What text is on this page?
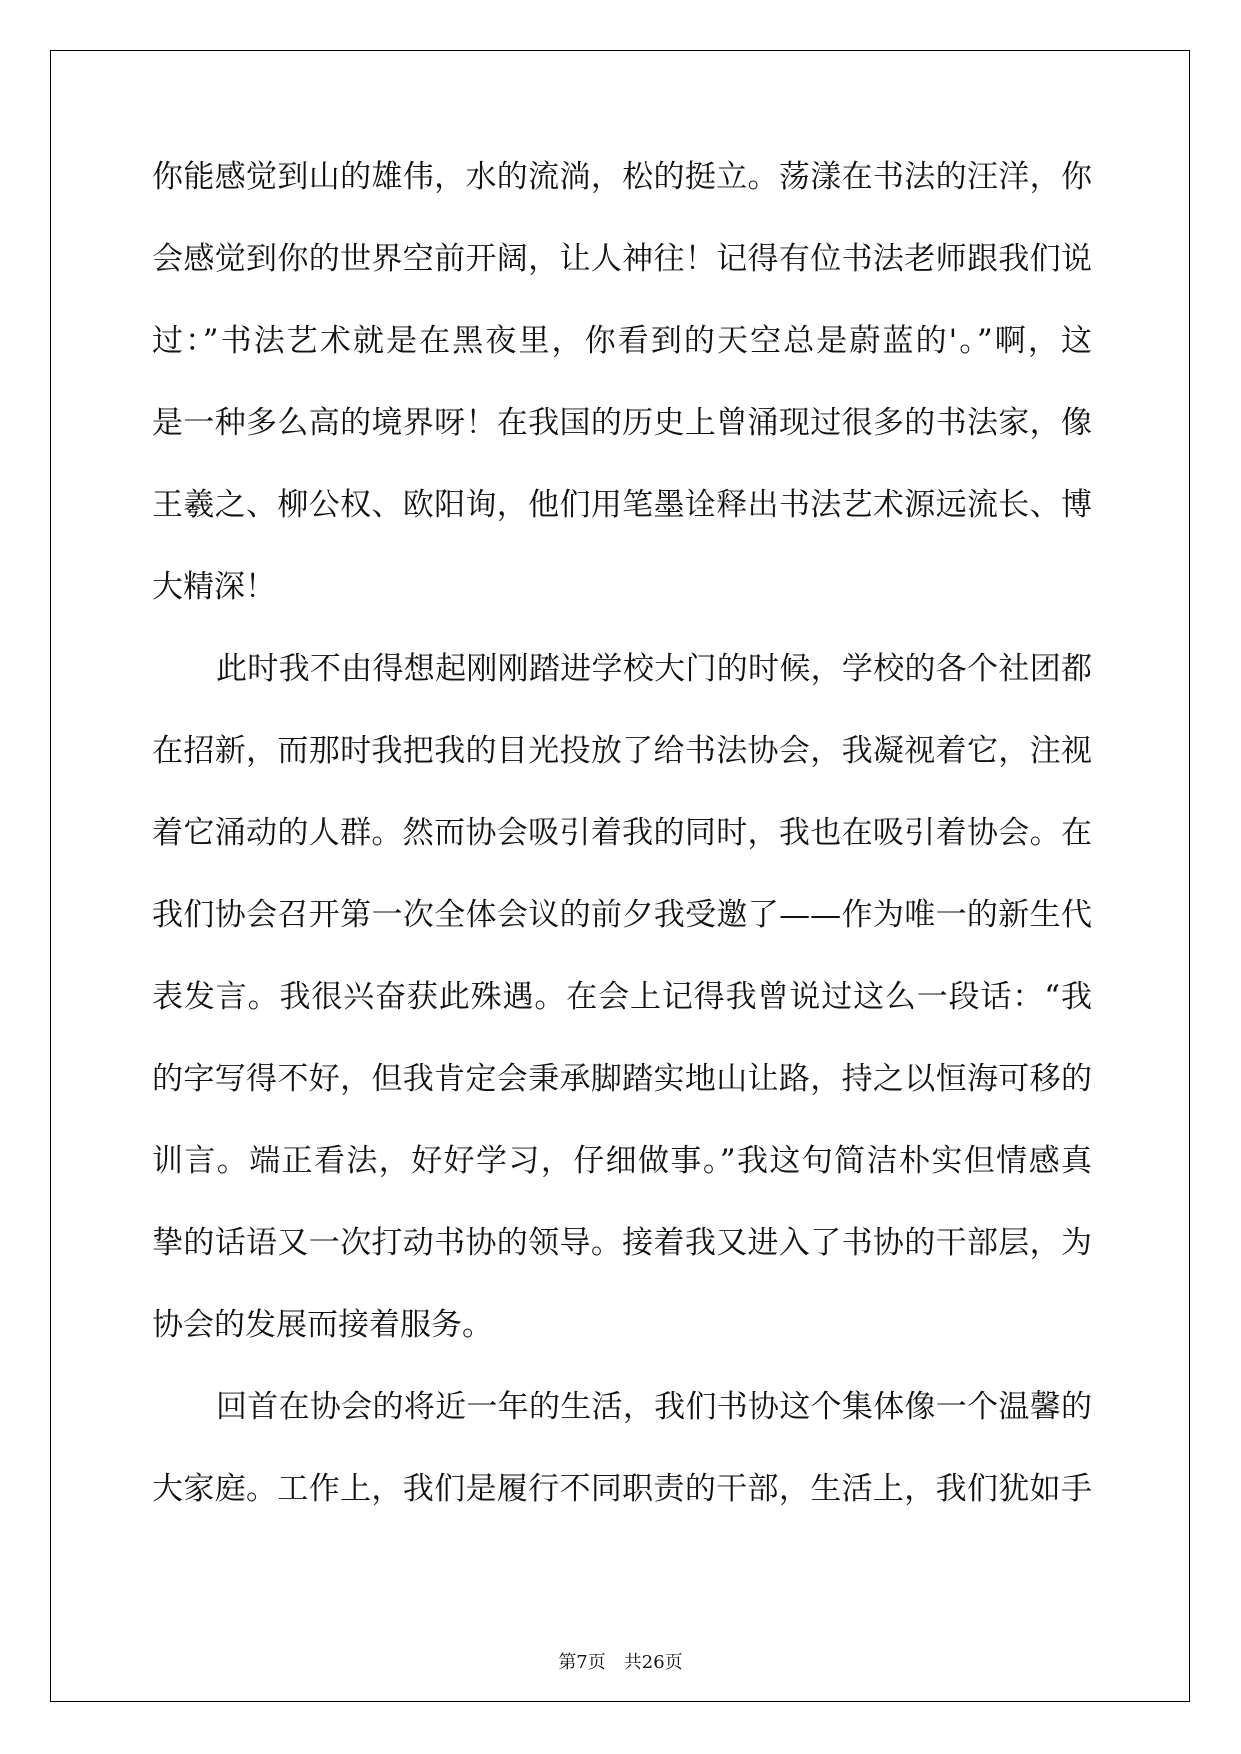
你能感觉到山的雄伟，水的流淌，松的挺立。荡漾在书法的汪洋，你
会感觉到你的世界空前开阔，让人神往！记得有位书法老师跟我们说
过：”书法艺术就是在黑夜里，你看到的天空总是蔚蓝的'。”啊，这
是一种多么高的境界呀！在我国的历史上曾涌现过很多的书法家，像
王羲之、柳公权、欧阳询，他们用笔墨诠释出书法艺术源远流长、博
大精深！
此时我不由得想起刚刚踏进学校大门的时候，学校的各个社团都
在招新，而那时我把我的目光投放了给书法协会，我凝视着它，注视
着它涌动的人群。然而协会吸引着我的同时，我也在吸引着协会。在
我们协会召开第一次全体会议的前夕我受邀了——作为唯一的新生代
表发言。我很兴奋获此殊遇。在会上记得我曾说过这么一段话：“我
的字写得不好，但我肯定会秉承脚踏实地山让路，持之以恒海可移的
训言。端正看法，好好学习，仔细做事。”我这句简洁朴实但情感真
挚的话语又一次打动书协的领导。接着我又进入了书协的干部层，为
协会的发展而接着服务。
回首在协会的将近一年的生活，我们书协这个集体像一个温馨的
大家庭。工作上，我们是履行不同职责的干部，生活上，我们犹如手
第7页　共26页
